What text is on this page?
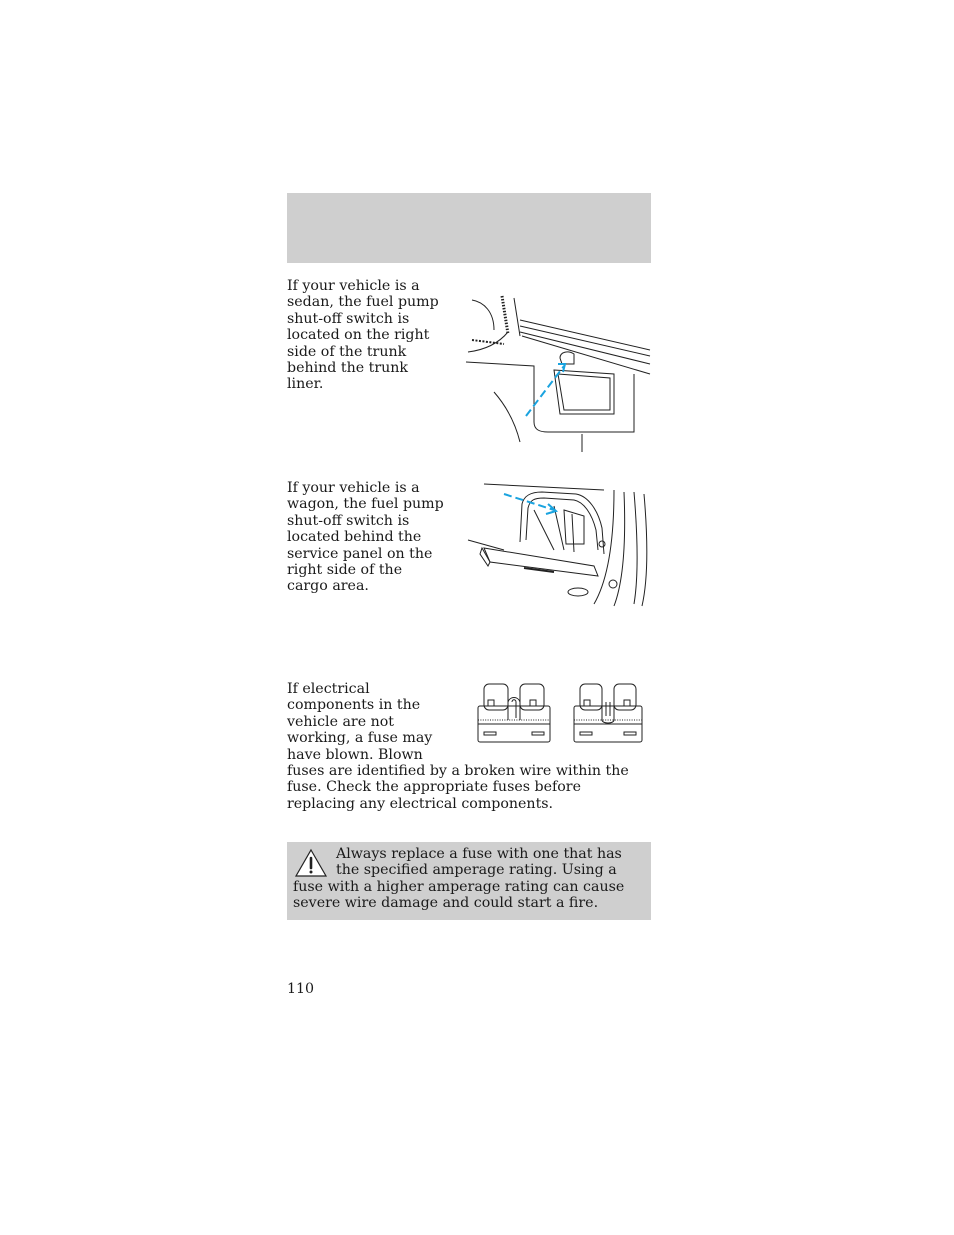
If your vehicle is a sedan, the fuel pump shut-off switch is located on the right side of the trunk behind the trunk liner.

If your vehicle is a wagon, the fuel pump shut-off switch is located behind the service panel on the right side of the cargo area.

If electrical components in the vehicle are not working, a fuse may have blown. Blown

fuses are identified by a broken wire within the fuse. Check the appropriate fuses before replacing any electrical components.

Always replace a fuse with one that has the specified amperage rating. Using a fuse with a higher amperage rating can cause severe wire damage and could start a fire.

110
